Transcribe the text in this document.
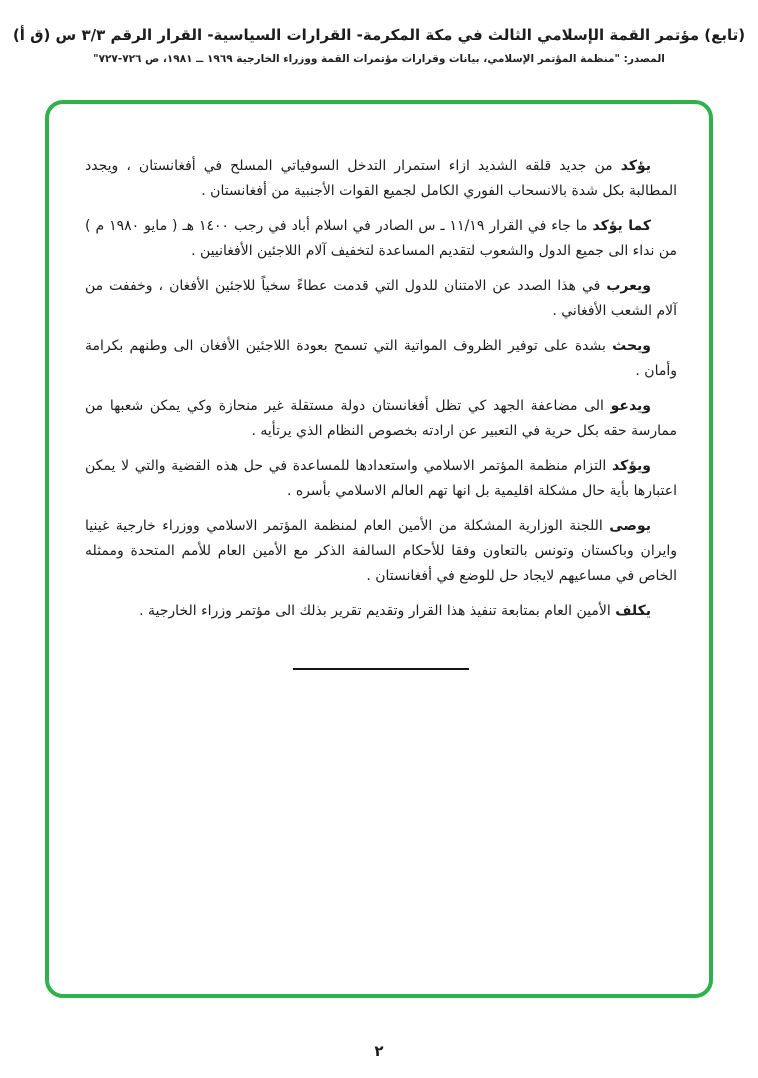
(تابع) مؤتمر القمة الإسلامي الثالث في مكة المكرمة- القرارات السياسية- القرار الرقم ٣/٣ س (ق أ)
المصدر: "منظمة المؤتمر الإسلامي، بيانات وقرارات مؤتمرات القمة ووزراء الخارجية ١٩٦٩ ــ ١٩٨١، ص ٧٢٦-٧٢٧"

يؤكد من جديد قلقه الشديد ازاء استمرار التدخل السوفياتي المسلح في أفغانستان ، ويجدد المطالبة بكل شدة بالانسحاب الفوري الكامل لجميع القوات الأجنبية من أفغانستان .

كما يؤكد ما جاء في القرار ١١/١٩ ـ س الصادر في اسلام أباد في رجب ١٤٠٠ هـ ( مايو ١٩٨٠ م ) من نداء الى جميع الدول والشعوب لتقديم المساعدة لتخفيف آلام اللاجئين الأفغانيين .

ويعرب في هذا الصدد عن الامتنان للدول التي قدمت عطاءً سخياً للاجئين الأفغان ، وخففت من آلام الشعب الأفغاني .

ويحث بشدة على توفير الظروف المواتية التي تسمح بعودة اللاجئين الأفغان الى وطنهم بكرامة وأمان .

ويدعو الى مضاعفة الجهد كي تظل أفغانستان دولة مستقلة غير منحازة وكي يمكن شعبها من ممارسة حقه بكل حرية في التعبير عن ارادته بخصوص النظام الذي يرتأيه .

ويؤكد التزام منظمة المؤتمر الاسلامي واستعدادها للمساعدة في حل هذه القضية والتي لا يمكن اعتبارها بأية حال مشكلة اقليمية بل انها تهم العالم الاسلامي بأسره .

يوصى اللجنة الوزارية المشكلة من الأمين العام لمنظمة المؤتمر الاسلامي ووزراء خارجية غينيا وايران وباكستان وتونس بالتعاون وفقا للأحكام السالفة الذكر مع الأمين العام للأمم المتحدة وممثله الخاص في مساعيهم لايجاد حل للوضع في أفغانستان .

يكلف الأمين العام بمتابعة تنفيذ هذا القرار وتقديم تقرير بذلك الى مؤتمر وزراء الخارجية .

٢
